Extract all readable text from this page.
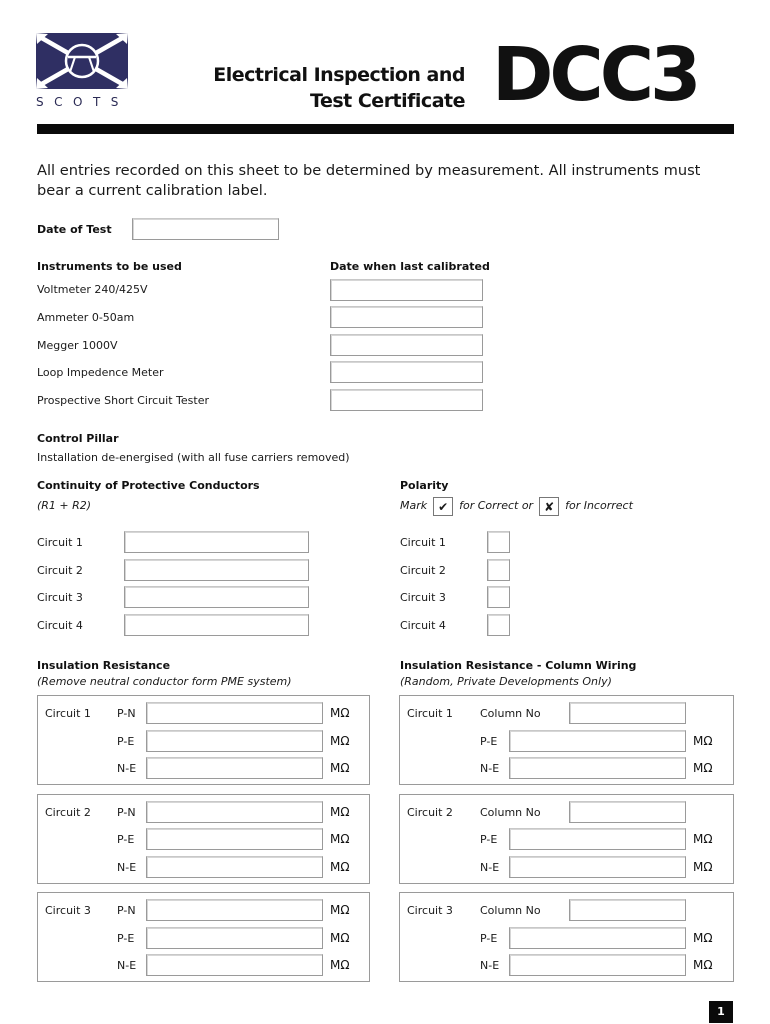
SCOTS
Electrical Inspection and
Test Certificate DCC3
All entries recorded on this sheet to be determined by measurement. All instruments must bear a current calibration label.
Date of Test
Instruments to be used	Date when last calibrated
Voltmeter 240/425V
Ammeter 0-50am
Megger 1000V
Loop Impedence Meter
Prospective Short Circuit Tester
Control Pillar
Installation de-energised (with all fuse carriers removed)
Continuity of Protective Conductors
(R1 + R2)
Circuit 1
Circuit 2
Circuit 3
Circuit 4
Polarity
Mark ✔ for Correct or ✘ for Incorrect
Circuit 1
Circuit 2
Circuit 3
Circuit 4
Insulation Resistance
(Remove neutral conductor form PME system)
Circuit 1 P-N	MΩ
P-E	MΩ
N-E	MΩ
Circuit 2 P-N	MΩ
P-E	MΩ
N-E	MΩ
Circuit 3 P-N	MΩ
P-E	MΩ
N-E	MΩ
Insulation Resistance - Column Wiring
(Random, Private Developments Only)
Circuit 1 Column No
P-E	MΩ
N-E	MΩ
Circuit 2 Column No
P-E	MΩ
N-E	MΩ
Circuit 3 Column No
P-E	MΩ
N-E	MΩ
1
